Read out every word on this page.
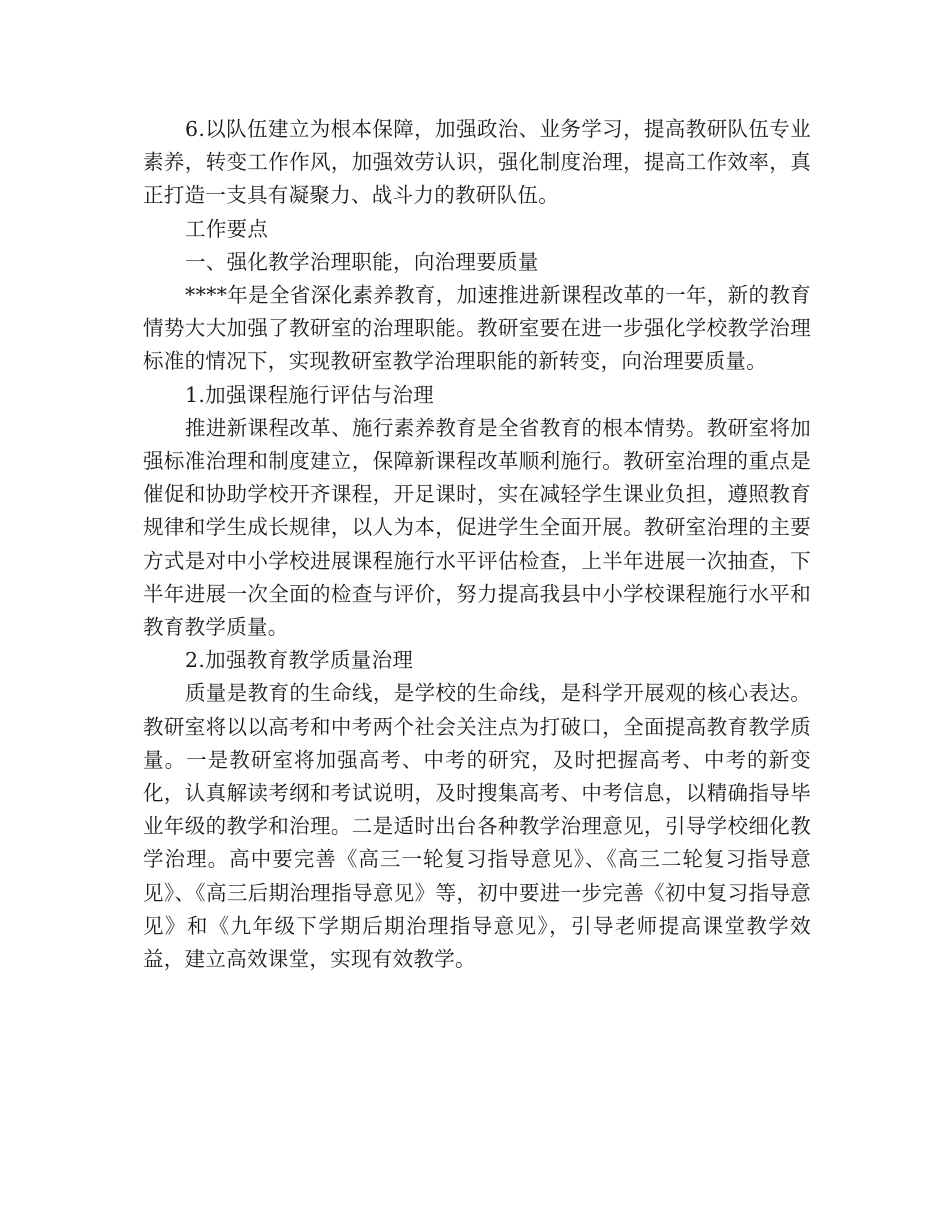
6.以队伍建立为根本保障，加强政治、业务学习，提高教研队伍专业素养，转变工作作风，加强效劳认识，强化制度治理，提高工作效率，真正打造一支具有凝聚力、战斗力的教研队伍。

工作要点

一、强化教学治理职能，向治理要质量

****年是全省深化素养教育，加速推进新课程改革的一年，新的教育情势大大加强了教研室的治理职能。教研室要在进一步强化学校教学治理标准的情况下，实现教研室教学治理职能的新转变，向治理要质量。

1.加强课程施行评估与治理

推进新课程改革、施行素养教育是全省教育的根本情势。教研室将加强标准治理和制度建立，保障新课程改革顺利施行。教研室治理的重点是催促和协助学校开齐课程，开足课时，实在减轻学生课业负担，遵照教育规律和学生成长规律，以人为本，促进学生全面开展。教研室治理的主要方式是对中小学校进展课程施行水平评估检查，上半年进展一次抽查，下半年进展一次全面的检查与评价，努力提高我县中小学校课程施行水平和教育教学质量。

2.加强教育教学质量治理

质量是教育的生命线，是学校的生命线，是科学开展观的核心表达。教研室将以以高考和中考两个社会关注点为打破口，全面提高教育教学质量。一是教研室将加强高考、中考的研究，及时把握高考、中考的新变化，认真解读考纲和考试说明，及时搜集高考、中考信息，以精确指导毕业年级的教学和治理。二是适时出台各种教学治理意见，引导学校细化教学治理。高中要完善《高三一轮复习指导意见》、《高三二轮复习指导意见》、《高三后期治理指导意见》等，初中要进一步完善《初中复习指导意见》和《九年级下学期后期治理指导意见》，引导老师提高课堂教学效益，建立高效课堂，实现有效教学。
